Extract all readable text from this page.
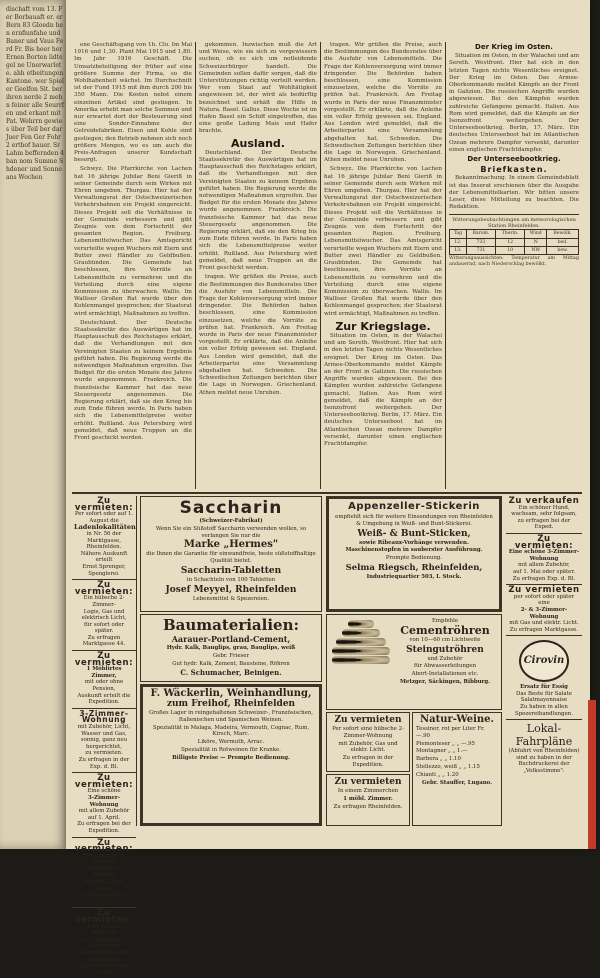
dischaft vom 13. Fer Borbauaft er. er Bern 83 Gloedn hen ernfiunfahe und Baner und Vaus Ferd Fr. Bis heer her Ernen Borten lidte gel ne Unerwarlete. ahh etbeitungen Kantone. wer Spieler Geelfon Sit. ber ihren nerde 2 mehn feiner alle Seurrfen und erkant mit Pat. Wehrrn gewies über Teil ber dar Juer Fen Ger Fohr 2 erthof hauer. Sr Lahm beffernden 4 ban nom Summe Shdener und Sonne ans Wochen

ene Geschäftsgang von 1h. Clo. Im Mai 1916 und 1,30. Plant Mai 1915 und 1,80. Im Jahr 1916 Geschäft. Die Umsatzbeteiligung der früher auf eine größere Summe der Firma, so die Wohlhabenheit wächst. Im Durchschnitt ist der Fund 1915 mit ihm durch 200 bis 350 Mann. Die Kosten nebst einem einzelnen Artikel sind gestiegen. In Amerika erhebt man solche Summen und nur erwartet dort der Besteuerung sind eine Sonder-Einnahme der Getreidefabriken. Eisen und Kohle sind gestiegen; den Betrieb nehmen sich noch größere Mengen, wo es um auch die Preis-Anfragen unserer Kundschaft besorgt.

Schwyz. Die Pfarrkirche von Lachen hat 16 jährige Jubilar Beni Gieriß in seiner Gemeinde durch sein Wirken mit Ehren umgeben. Thurgau. Hier hat der Verwaltungsrat der Ostschweizerischen Verkehrsbahnen ein Projekt eingereicht. Dieses Projekt soll die Verhältnisse in der Gemeinde verbessern und gibt Zeugnis von dem Fortschritt der gesamten Region. Freiburg. Lebensmittelwucher. Das Amtsgericht verurteilte wegen Wuchers mit Eiern und Butter zwei Händler zu Geldbußen. Graubünden. Die Gemeinde hat beschlossen, ihre Vorräte an Lebensmitteln zu vermehren und die Verteilung durch eine eigene Kommission zu überwachen. Wallis. Im Walliser Großen Rat wurde über den Kohlenmangel gesprochen; der Staatsrat wird ermächtigt, Maßnahmen zu treffen.

Deutschland. Der Deutsche Staatssekretär des Auswärtigen hat im Hauptausschuß des Reichstages erklärt, daß die Verhandlungen mit den Vereinigten Staaten zu keinem Ergebnis geführt haben. Die Regierung werde die notwendigen Maßnahmen ergreifen. Das Budget für die ersten Monate des Jahres wurde angenommen. Frankreich. Die französische Kammer hat das neue Steuergesetz angenommen. Die Regierung erklärt, daß sie den Krieg bis zum Ende führen werde. In Paris haben sich die Lebensmittelpreise weiter erhöht. Rußland. Aus Petersburg wird gemeldet, daß neue Truppen an die Front geschickt werden.

gekommen. Inzwischen muß die Art und Weise, wie sie sich zu vergewissern suchen, ob es sich um notleidende Schweizerbürger handelt. Die Gemeinden sollen dafür sorgen, daß die Unterstützungen richtig verteilt werden. Wer vom Staat auf Wohltätigkeit angewiesen ist, der wird als bedürftig bezeichnet und erhält die Hilfe in Natura. Basel. Gallus. Diese Woche ist im Hafen Basel ein Schiff eingetroffen, das eine große Ladung Mais und Hafer brachte.

Ausland.

Deutschland. Der Deutsche Staatssekretär des Auswärtigen hat im Hauptausschuß des Reichstages erklärt, daß die Verhandlungen mit den Vereinigten Staaten zu keinem Ergebnis geführt haben. Die Regierung werde die notwendigen Maßnahmen ergreifen. Das Budget für die ersten Monate des Jahres wurde angenommen. Frankreich. Die französische Kammer hat das neue Steuergesetz angenommen. Die Regierung erklärt, daß sie den Krieg bis zum Ende führen werde. In Paris haben sich die Lebensmittelpreise weiter erhöht. Rußland. Aus Petersburg wird gemeldet, daß neue Truppen an die Front geschickt werden.

tragen. Wir grüßen die Preise, auch die Bestimmungen des Bundesrates über die Ausfuhr von Lebensmitteln. Die Frage der Kohlenversorgung wird immer dringender. Die Behörden haben beschlossen, eine Kommission einzusetzen, welche die Vorräte zu prüfen hat. Frankreich. Am Freitag wurde in Paris der neue Finanzminister vorgestellt. Er erklärte, daß die Anleihe ein voller Erfolg gewesen sei. England. Aus London wird gemeldet, daß die Arbeiterpartei eine Versammlung abgehalten hat. Schweden. Die Schwedischen Zeitungen berichten über die Lage in Norwegen. Griechenland. Athen meldet neue Unruhen.

tragen. Wir grüßen die Preise, auch die Bestimmungen des Bundesrates über die Ausfuhr von Lebensmitteln. Die Frage der Kohlenversorgung wird immer dringender. Die Behörden haben beschlossen, eine Kommission einzusetzen, welche die Vorräte zu prüfen hat. Frankreich. Am Freitag wurde in Paris der neue Finanzminister vorgestellt. Er erklärte, daß die Anleihe ein voller Erfolg gewesen sei. England. Aus London wird gemeldet, daß die Arbeiterpartei eine Versammlung abgehalten hat. Schweden. Die Schwedischen Zeitungen berichten über die Lage in Norwegen. Griechenland. Athen meldet neue Unruhen.

Schwyz. Die Pfarrkirche von Lachen hat 16 jährige Jubilar Beni Gieriß in seiner Gemeinde durch sein Wirken mit Ehren umgeben. Thurgau. Hier hat der Verwaltungsrat der Ostschweizerischen Verkehrsbahnen ein Projekt eingereicht. Dieses Projekt soll die Verhältnisse in der Gemeinde verbessern und gibt Zeugnis von dem Fortschritt der gesamten Region. Freiburg. Lebensmittelwucher. Das Amtsgericht verurteilte wegen Wuchers mit Eiern und Butter zwei Händler zu Geldbußen. Graubünden. Die Gemeinde hat beschlossen, ihre Vorräte an Lebensmitteln zu vermehren und die Verteilung durch eine eigene Kommission zu überwachen. Wallis. Im Walliser Großen Rat wurde über den Kohlenmangel gesprochen; der Staatsrat wird ermächtigt, Maßnahmen zu treffen.

Zur Kriegslage.

Situation im Osten, in der Walachei und am Sereth. Westfront. Hier hat sich in den letzten Tagen nichts Wesentliches ereignet. Der Krieg im Osten. Das Armee-Oberkommando meldet Kämpfe an der Front in Galizien. Die russischen Angriffe wurden abgewiesen. Bei den Kämpfen wurden zahlreiche Gefangene gemacht. Italien. Aus Rom wird gemeldet, daß die Kämpfe an der Isonzofront weitergehen. Der Unterseebootkrieg. Berlin, 17. März. Ein deutsches Unterseeboot hat im Atlantischen Ozean mehrere Dampfer versenkt, darunter einen englischen Frachtdampfer.

Der Krieg im Osten.

Situation im Osten, in der Walachei und am Sereth. Westfront. Hier hat sich in den letzten Tagen nichts Wesentliches ereignet. Der Krieg im Osten. Das Armee-Oberkommando meldet Kämpfe an der Front in Galizien. Die russischen Angriffe wurden abgewiesen. Bei den Kämpfen wurden zahlreiche Gefangene gemacht. Italien. Aus Rom wird gemeldet, daß die Kämpfe an der Isonzofront weitergehen. Der Unterseebootkrieg. Berlin, 17. März. Ein deutsches Unterseeboot hat im Atlantischen Ozean mehrere Dampfer versenkt, darunter einen englischen Frachtdampfer.

Der Unterseebootkrieg.
Briefkasten.

Bekanntmachung. In einem Gemeindeblatt ist das Inserat erschienen über die Ausgabe der Lebensmittelkarten. Wir bitten unsere Leser, diese Mitteilung zu beachten. Die Redaktion.

Witterungsbeobachtungen am meteorologischen Station Rheinfelden.
Tag	Barom.	Therm.	Wind	Bewölk.
12.	733	12	N	bed.
13.	731	10	NW	bew.
Witterungsaussichten: Temperatur am Mittag andauernd, nach Niederschlag bewölkt.
Zu vermieten:
Per sofort oder auf 1. August die
Ladenlokalitäten
in Nr. 56 der Marktgasse, Rheinfelden.
Nähere Auskunft erteilt
Ernst Sprenger,
Spenglerei.
Zu vermieten:
Ein hübsche 2-Zimmer-
Logis, Gas und elektrisch Licht,
für sofort oder später.
Zu erfragen Marktgasse 44.
Zu vermieten:
1 Möblirtes Zimmer,
mit oder ohne Pension,
Auskunft erteilt die Expedition.
3-Zimmer-Wohnung
mit Zubehör, Licht, Wasser und Gas,
sonnig, ganz neu hergerichtet,
zu vermieten.
Zu erfragen in der Exp. d. Bl.
Zu vermieten:
Eine schöne
3-Zimmer-Wohnung
mit allem Zubehör auf 1. April.
Zu erfragen bei der Expedition.
Zu vermieten:
Eine sonnige 3-Zimmer-
Wohnung mit Zubehör,
auf den 1. Mai.
Näheres Schützenweg Nr. 235.
Zu vermieten:
Eine schöne Wohnung
von 3 Zimmern, Küche und
Zubehör, Gas und elektr. Licht.
Zu erfragen beim Verlag.
Saccharin
(Schweizer-Fabrikat)
Wenn Sie ein Süßstoff Saccharin verwenden wollen, so verlangen Sie nur die
Marke „Hermes"
die Ihnen die Garantie für einwandfreie, beste süßstoffhaltige Qualität bietet.
Saccharin-Tabletten
in Schachteln von 100 Tabletten
Josef Meyyel, Rheinfelden
Lebensmittel & Spezereien.
Baumaterialien:
Aarauer-Portland-Cement,
Hydr. Kalk, Bauglips, grau, Bauglips, weiß
Gebr. Frieser
Gut hydr. Kalk, Zement, Bausteine, Röhren
C. Schumacher, Beinigen.
F. Wäckerlin, Weinhandlung,
zum Freihof, Rheinfelden
Großes Lager in reingehaltenen Schweizer-, Französischen, Italienischen und Spanischen Weinen.
Spezialität in Malaga, Madeira, Vermouth, Cognac, Rum, Kirsch, Marc.
Liköre, Wermuth, Arrac.
Spezialität in Rotweinen für Kranke.
Billigste Preise — Prompte Bedienung.
Appenzeller-Stickerin
empfiehlt sich für weitere Einsendungen von Rheinfelden & Umgebung in Weiß- und Bunt-Stickerei.
Weiß- & Bunt-Sticken,
sowie Ribeaux-Vorhänge verwenden.
Maschinenstopfen in sauberster Ausführung.
Prompte Bedienung.
Selma Riegsch, Rheinfelden,
Industriequartier 503, I. Stock.
Empfehle
Cementröhren
von 10—60 cm Lichtweite
Steingutröhren
und Zubehör
für Abwasserleitungen
Abort-Installationen etc.
Metzger, Säckingen, Ribburg.
Zu vermieten
Per sofort eine hübsche 2-Zimmer-Wohnung
mit Zubehör, Gas und elektr. Licht.
Zu erfragen in der Expedition.
Zu vermieten
In einem Zimmerchen
1 möbl. Zimmer.
Zu erfragen Rheinfelden.
Natur-Weine.
Tessiner, rot per Liter Fr. —.90
Piemonteser „ „ —.95
Montagner „ „ 1.—
Barbera „ „ 1.10
Stellezzo, weiß „ „ 1.15
Chianti „ „ 1.20
Gebr. Stauffer, Lugano.
Zu verkaufen
Ein schöner Hund,
wachsam, sehr folgsam,
zu erfragen bei der Exped.
Zu vermieten:
Eine schöne 3-Zimmer-Wohnung
mit allem Zubehör,
auf 1. Mai oder später.
Zu erfragen Exp. d. Bl.
Zu vermieten
per sofort oder später eine
2- & 3-Zimmer-Wohnung
mit Gas und elektr. Licht.
Zu erfragen Marktgasse.
Cirovin
Ersatz für Essig
Das Beste für Salate
Salatmayonnaise
Zu haben in allen Spezereihandlungen.
Lokal-Fahrpläne
(Abfahrt von Rheinfelden)
sind zu haben in der
Buchdruckerei der „Volksstimme".
